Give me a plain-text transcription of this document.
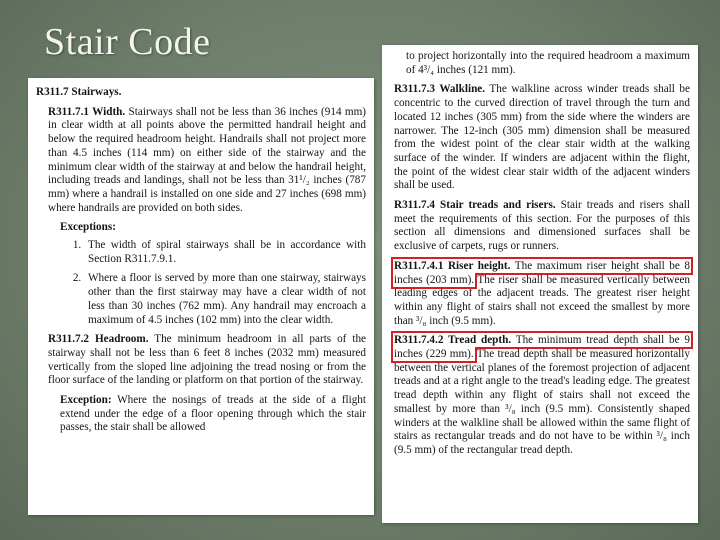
Stair Code
R311.7 Stairways.

R311.7.1 Width. Stairways shall not be less than 36 inches (914 mm) in clear width at all points above the permitted handrail height and below the required headroom height. Handrails shall not project more than 4.5 inches (114 mm) on either side of the stairway and the minimum clear width of the stairway at and below the handrail height, including treads and landings, shall not be less than 31¹/₂ inches (787 mm) where a handrail is installed on one side and 27 inches (698 mm) where handrails are provided on both sides.

Exceptions:
1. The width of spiral stairways shall be in accordance with Section R311.7.9.1.
2. Where a floor is served by more than one stairway, stairways other than the first stairway may have a clear width of not less than 30 inches (762 mm). Any handrail may encroach a maximum of 4.5 inches (102 mm) into the clear width.

R311.7.2 Headroom. The minimum headroom in all parts of the stairway shall not be less than 6 feet 8 inches (2032 mm) measured vertically from the sloped line adjoining the tread nosing or from the floor surface of the landing or platform on that portion of the stairway.

Exception: Where the nosings of treads at the side of a flight extend under the edge of a floor opening through which the stair passes, the stair shall be allowed

to project horizontally into the required headroom a maximum of 4³/₄ inches (121 mm).

R311.7.3 Walkline. The walkline across winder treads shall be concentric to the curved direction of travel through the turn and located 12 inches (305 mm) from the side where the winders are narrower. The 12-inch (305 mm) dimension shall be measured from the widest point of the clear stair width at the walking surface of the winder. If winders are adjacent within the flight, the point of the widest clear stair width of the adjacent winders shall be used.

R311.7.4 Stair treads and risers. Stair treads and risers shall meet the requirements of this section. For the purposes of this section all dimensions and dimensioned surfaces shall be exclusive of carpets, rugs or runners.

R311.7.4.1 Riser height. The maximum riser height shall be 8 inches (203 mm). The riser shall be measured vertically between leading edges of the adjacent treads. The greatest riser height within any flight of stairs shall not exceed the smallest by more than ³/₈ inch (9.5 mm).

R311.7.4.2 Tread depth. The minimum tread depth shall be 9 inches (229 mm). The tread depth shall be measured horizontally between the vertical planes of the foremost projection of adjacent treads and at a right angle to the tread's leading edge. The greatest tread depth within any flight of stairs shall not exceed the smallest by more than ³/₈ inch (9.5 mm). Consistently shaped winders at the walkline shall be allowed within the same flight of stairs as rectangular treads and do not have to be within ³/₈ inch (9.5 mm) of the rectangular tread depth.
